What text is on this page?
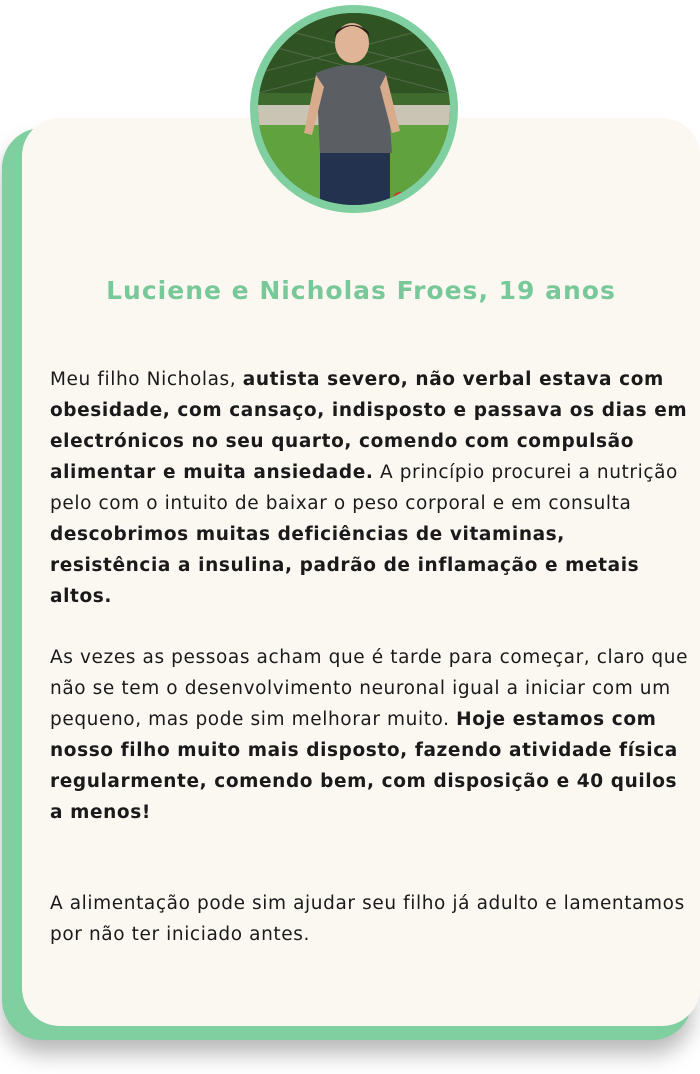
Luciene e Nicholas Froes, 19 anos

Meu filho Nicholas, autista severo, não verbal estava com obesidade, com cansaço, indisposto e passava os dias em electrónicos no seu quarto, comendo com compulsão alimentar e muita ansiedade. A princípio procurei a nutrição pelo com o intuito de baixar o peso corporal e em consulta descobrimos muitas deficiências de vitaminas, resistência a insulina, padrão de inflamação e metais altos.

As vezes as pessoas acham que é tarde para começar, claro que não se tem o desenvolvimento neuronal igual a iniciar com um pequeno, mas pode sim melhorar muito. Hoje estamos com nosso filho muito mais disposto, fazendo atividade física regularmente, comendo bem, com disposição e 40 quilos a menos!

A alimentação pode sim ajudar seu filho já adulto e lamentamos por não ter iniciado antes.
